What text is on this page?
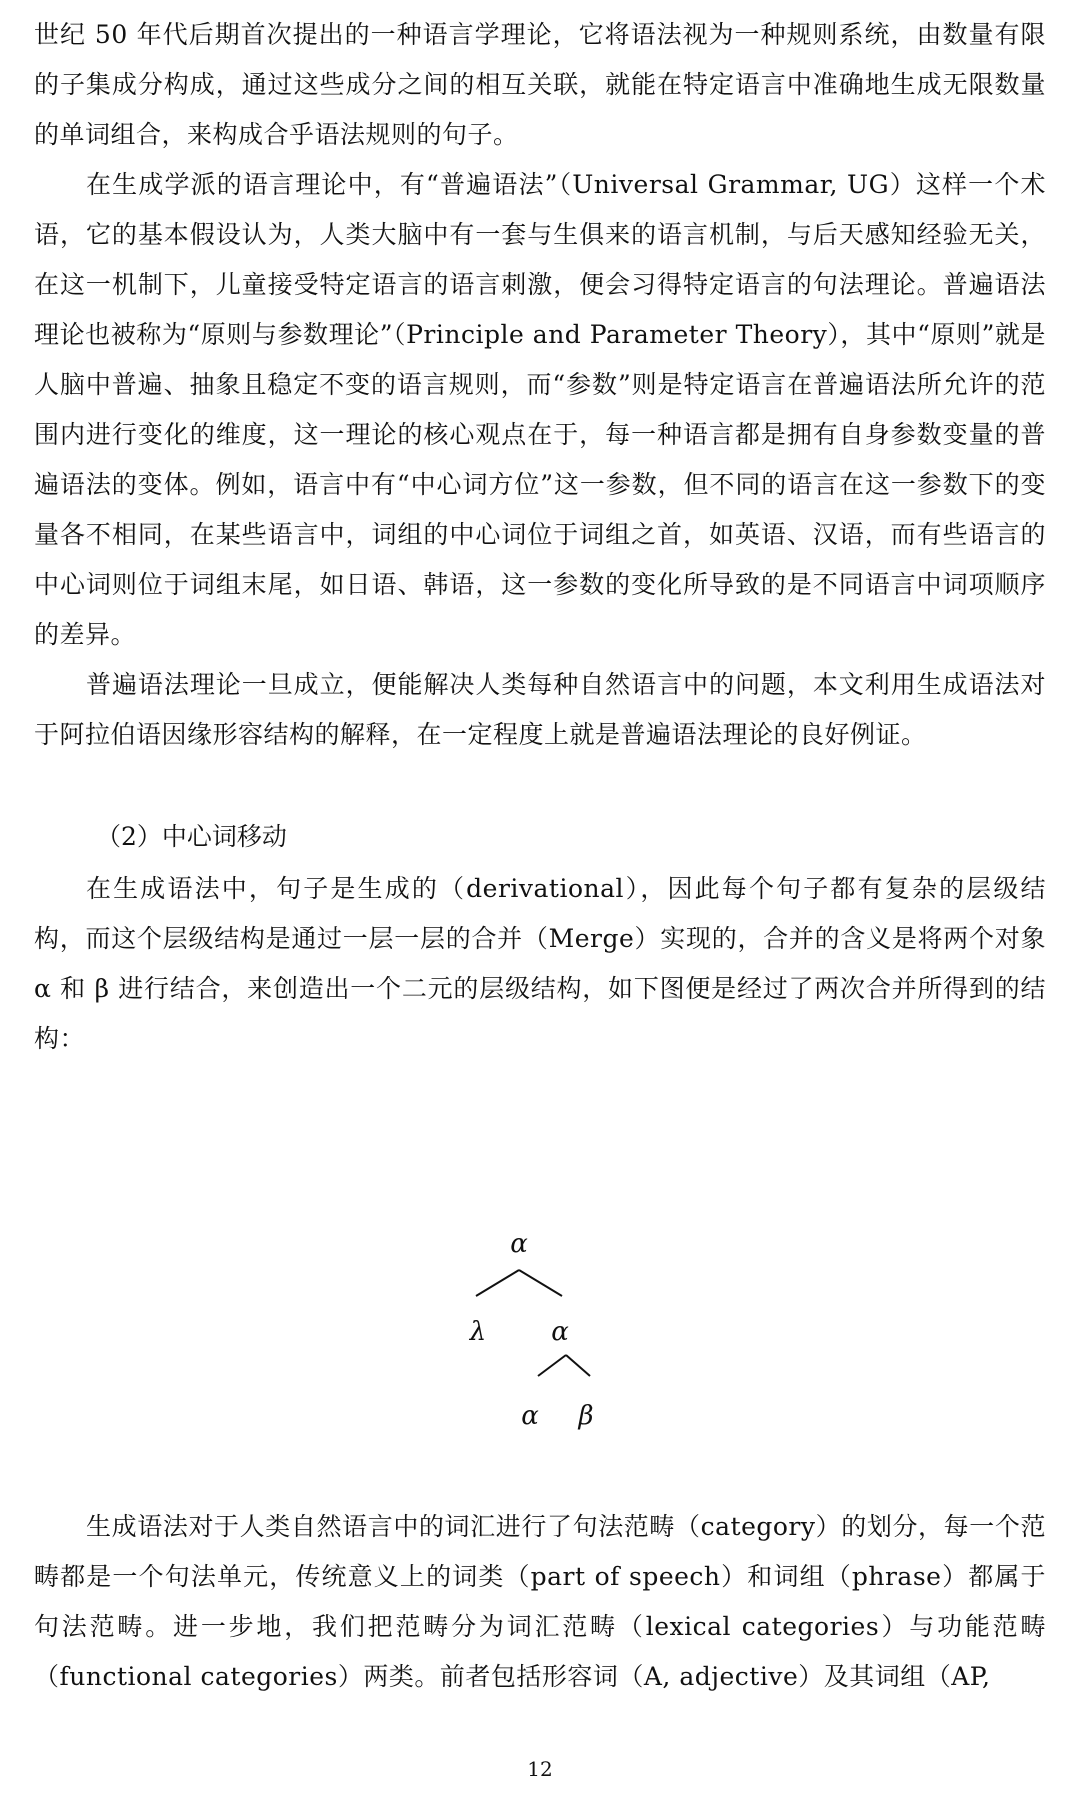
世纪 50 年代后期首次提出的一种语言学理论，它将语法视为一种规则系统，由数量有限的子集成分构成，通过这些成分之间的相互关联，就能在特定语言中准确地生成无限数量的单词组合，来构成合乎语法规则的句子。

在生成学派的语言理论中，有“普遍语法”（Universal Grammar, UG）这样一个术语，它的基本假设认为，人类大脑中有一套与生俱来的语言机制，与后天感知经验无关，在这一机制下，儿童接受特定语言的语言刺激，便会习得特定语言的句法理论。普遍语法理论也被称为“原则与参数理论”（Principle and Parameter Theory），其中“原则”就是人脑中普遍、抽象且稳定不变的语言规则，而“参数”则是特定语言在普遍语法所允许的范围内进行变化的维度，这一理论的核心观点在于，每一种语言都是拥有自身参数变量的普遍语法的变体。例如，语言中有“中心词方位”这一参数，但不同的语言在这一参数下的变量各不相同，在某些语言中，词组的中心词位于词组之首，如英语、汉语，而有些语言的中心词则位于词组末尾，如日语、韩语，这一参数的变化所导致的是不同语言中词项顺序的差异。

普遍语法理论一旦成立，便能解决人类每种自然语言中的问题，本文利用生成语法对于阿拉伯语因缘形容结构的解释，在一定程度上就是普遍语法理论的良好例证。

（2）中心词移动

在生成语法中，句子是生成的（derivational），因此每个句子都有复杂的层级结构，而这个层级结构是通过一层一层的合并（Merge）实现的，合并的含义是将两个对象 α 和 β 进行结合，来创造出一个二元的层级结构，如下图便是经过了两次合并所得到的结构：

α
λ α
α β

生成语法对于人类自然语言中的词汇进行了句法范畴（category）的划分，每一个范畴都是一个句法单元，传统意义上的词类（part of speech）和词组（phrase）都属于句法范畴。进一步地，我们把范畴分为词汇范畴（lexical categories）与功能范畴（functional categories）两类。前者包括形容词（A, adjective）及其词组（AP,

12
